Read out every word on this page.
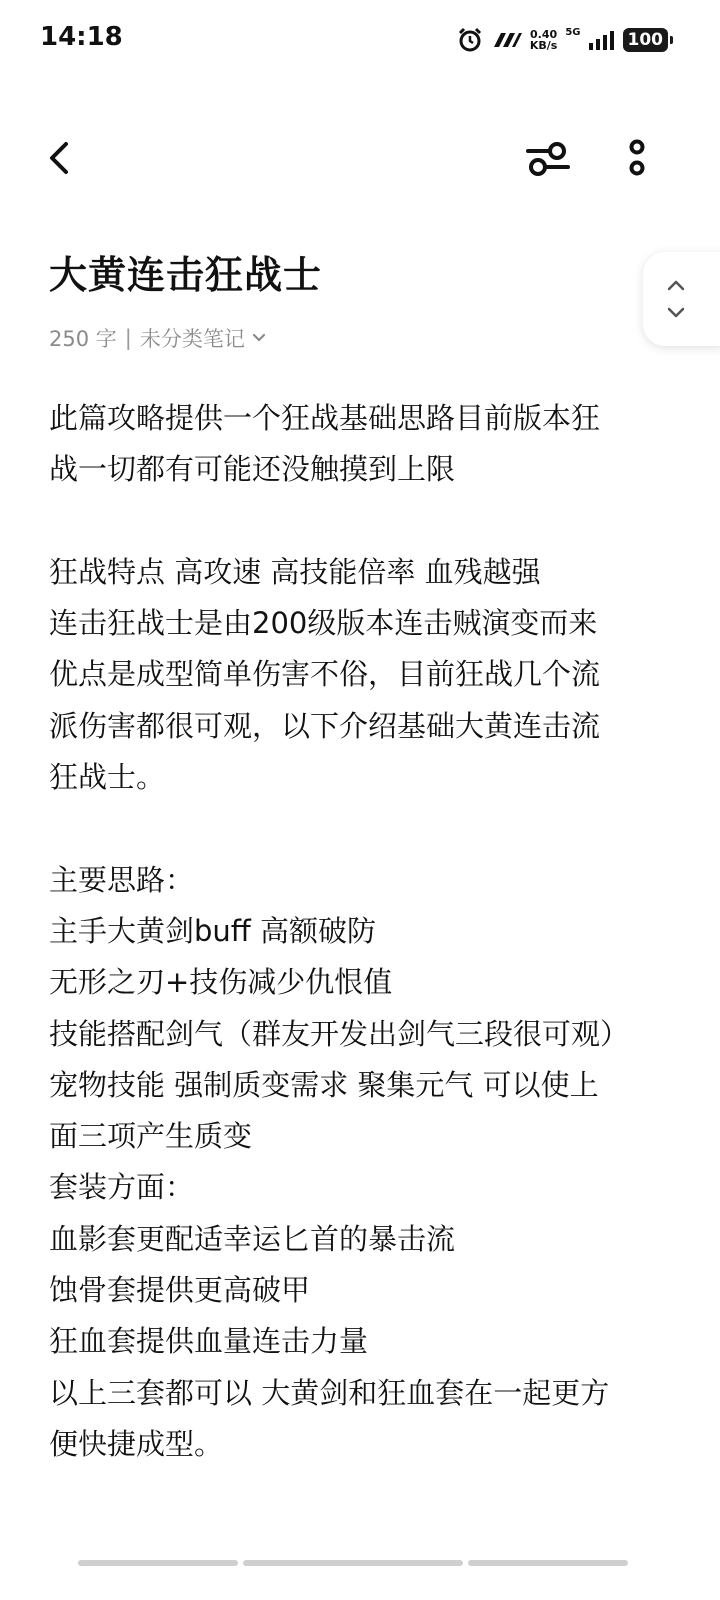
14:18	0.40
KB/s
5G	100
大黄连击狂战士
250 字 | 未分类笔记
此篇攻略提供一个狂战基础思路目前版本狂
战一切都有可能还没触摸到上限
狂战特点 高攻速 高技能倍率 血残越强
连击狂战士是由200级版本连击贼演变而来
优点是成型简单伤害不俗，目前狂战几个流
派伤害都很可观，以下介绍基础大黄连击流
狂战士。
主要思路：
主手大黄剑buff 高额破防
无形之刃+技伤减少仇恨值
技能搭配剑气（群友开发出剑气三段很可观）
宠物技能 强制质变需求 聚集元气 可以使上
面三项产生质变
套装方面：
血影套更配适幸运匕首的暴击流
蚀骨套提供更高破甲
狂血套提供血量连击力量
以上三套都可以 大黄剑和狂血套在一起更方
便快捷成型。
